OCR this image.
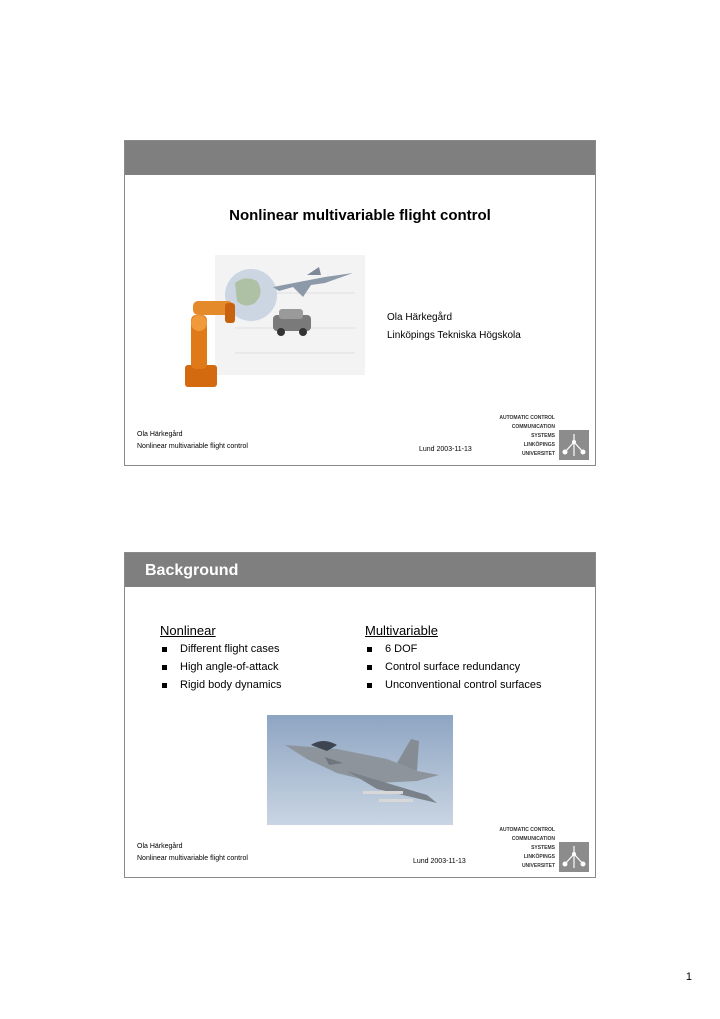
Nonlinear multivariable flight control
Ola Härkegård
Linköpings Tekniska Högskola
Ola Härkegård
Nonlinear multivariable flight control	Lund 2003-11-13
AUTOMATIC CONTROL
COMMUNICATION SYSTEMS
LINKÖPINGS UNIVERSITET
Background
Nonlinear
Different flight cases
High angle-of-attack
Rigid body dynamics
Multivariable
6 DOF
Control surface redundancy
Unconventional control surfaces
Ola Härkegård
Nonlinear multivariable flight control	Lund 2003-11-13
AUTOMATIC CONTROL
COMMUNICATION SYSTEMS
LINKÖPINGS UNIVERSITET
1
